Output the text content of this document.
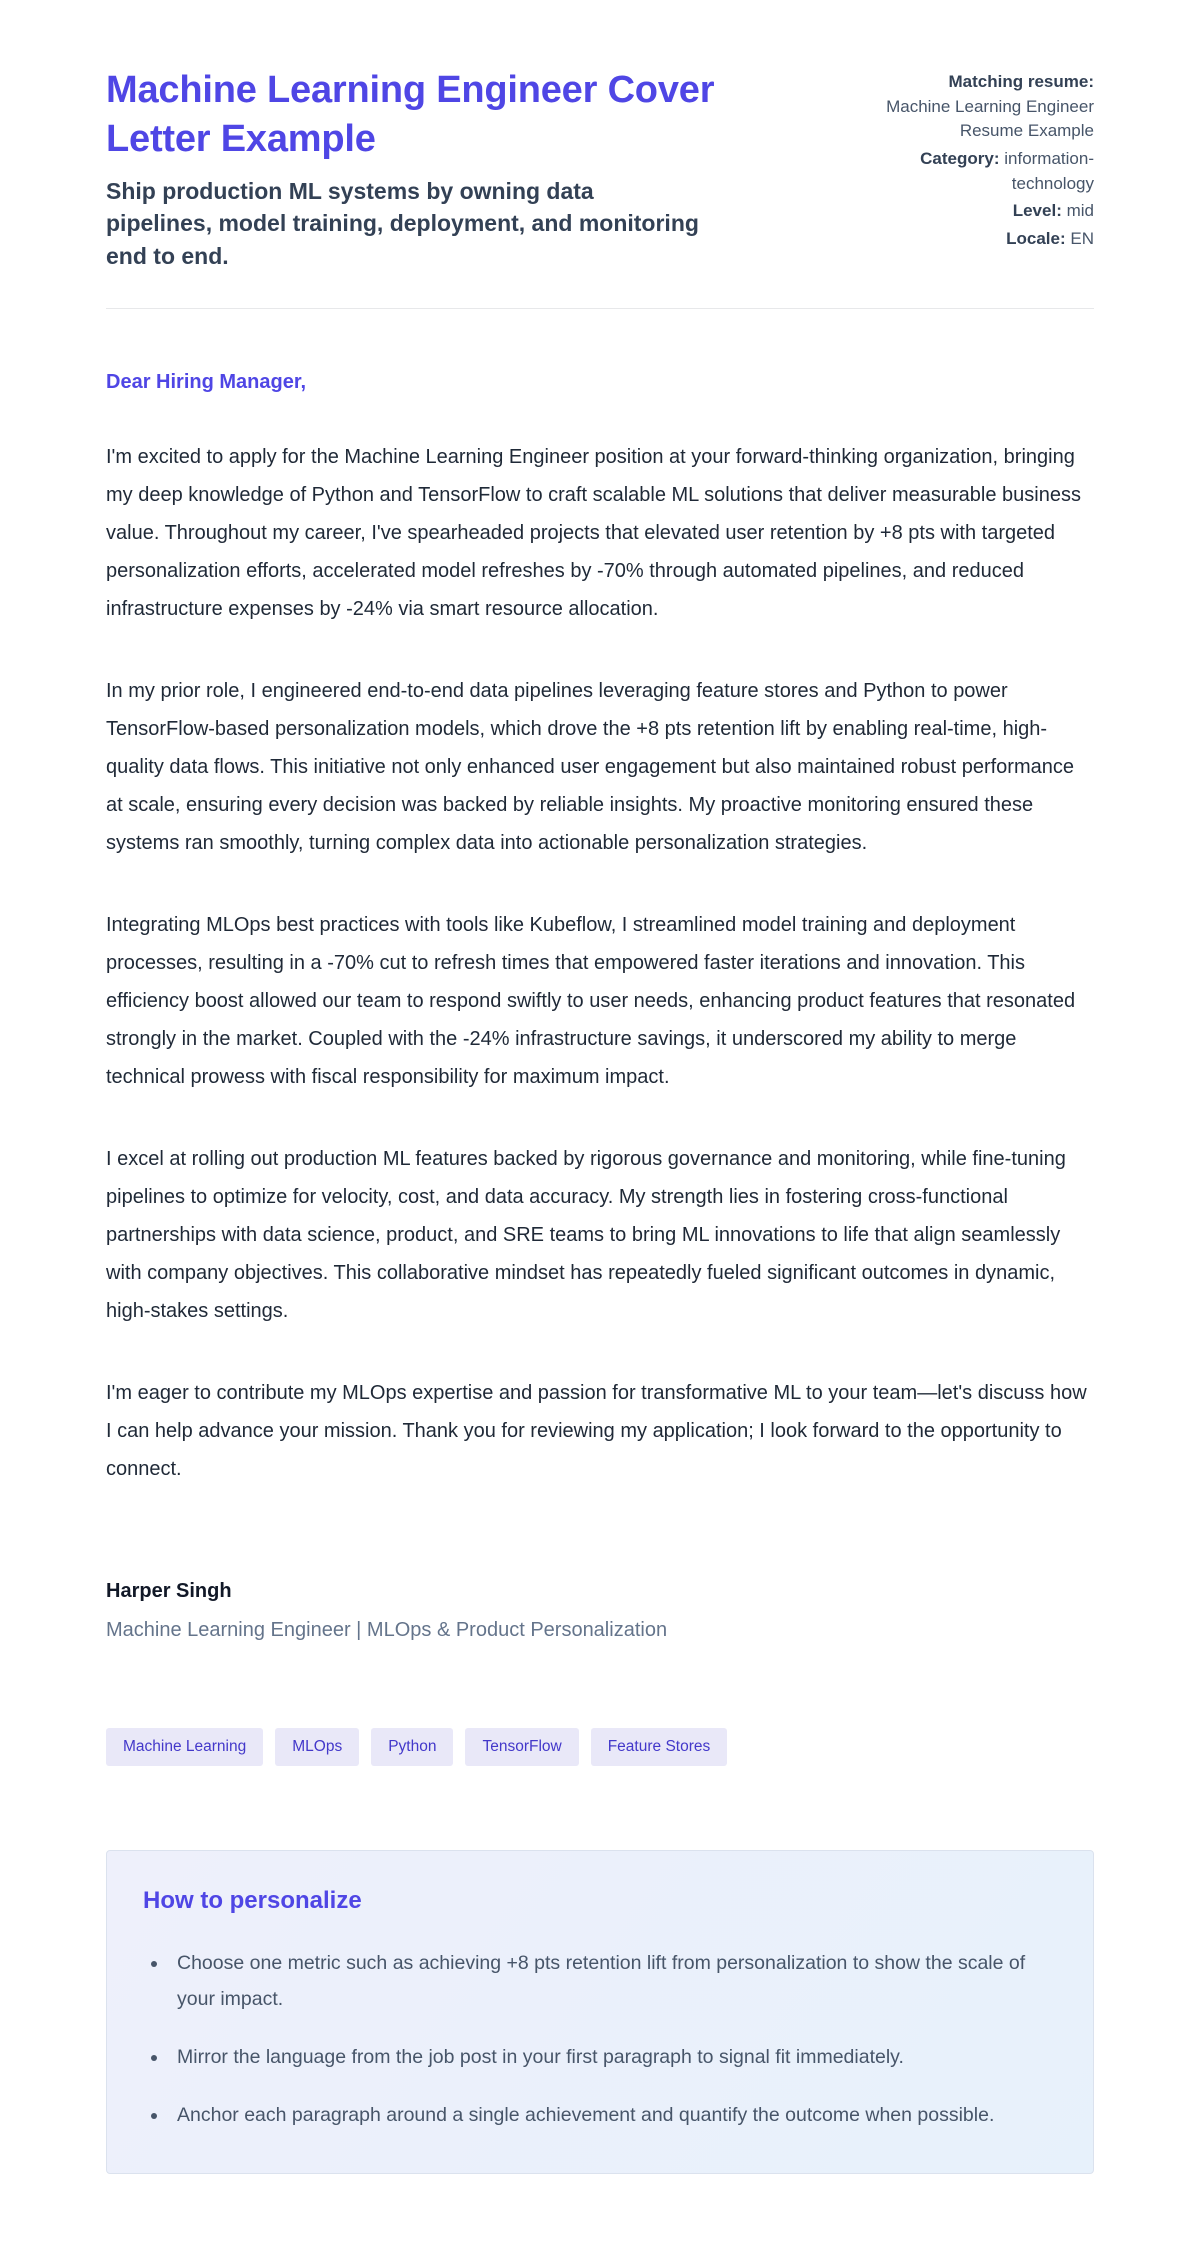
Machine Learning Engineer Cover Letter Example

Ship production ML systems by owning data pipelines, model training, deployment, and monitoring end to end.

Matching resume:
Machine Learning Engineer Resume Example

Category: information-technology

Level: mid

Locale: EN

Dear Hiring Manager,

I'm excited to apply for the Machine Learning Engineer position at your forward-thinking organization, bringing my deep knowledge of Python and TensorFlow to craft scalable ML solutions that deliver measurable business value. Throughout my career, I've spearheaded projects that elevated user retention by +8 pts with targeted personalization efforts, accelerated model refreshes by -70% through automated pipelines, and reduced infrastructure expenses by -24% via smart resource allocation.

In my prior role, I engineered end-to-end data pipelines leveraging feature stores and Python to power TensorFlow-based personalization models, which drove the +8 pts retention lift by enabling real-time, high-quality data flows. This initiative not only enhanced user engagement but also maintained robust performance at scale, ensuring every decision was backed by reliable insights. My proactive monitoring ensured these systems ran smoothly, turning complex data into actionable personalization strategies.

Integrating MLOps best practices with tools like Kubeflow, I streamlined model training and deployment processes, resulting in a -70% cut to refresh times that empowered faster iterations and innovation. This efficiency boost allowed our team to respond swiftly to user needs, enhancing product features that resonated strongly in the market. Coupled with the -24% infrastructure savings, it underscored my ability to merge technical prowess with fiscal responsibility for maximum impact.

I excel at rolling out production ML features backed by rigorous governance and monitoring, while fine-tuning pipelines to optimize for velocity, cost, and data accuracy. My strength lies in fostering cross-functional partnerships with data science, product, and SRE teams to bring ML innovations to life that align seamlessly with company objectives. This collaborative mindset has repeatedly fueled significant outcomes in dynamic, high-stakes settings.

I'm eager to contribute my MLOps expertise and passion for transformative ML to your team—let's discuss how I can help advance your mission. Thank you for reviewing my application; I look forward to the opportunity to connect.

Harper Singh

Machine Learning Engineer | MLOps & Product Personalization

Machine Learning	MLOps	Python	TensorFlow	Feature Stores
How to personalize
• Choose one metric such as achieving +8 pts retention lift from personalization to show the scale of your impact.
• Mirror the language from the job post in your first paragraph to signal fit immediately.
• Anchor each paragraph around a single achievement and quantify the outcome when possible.
